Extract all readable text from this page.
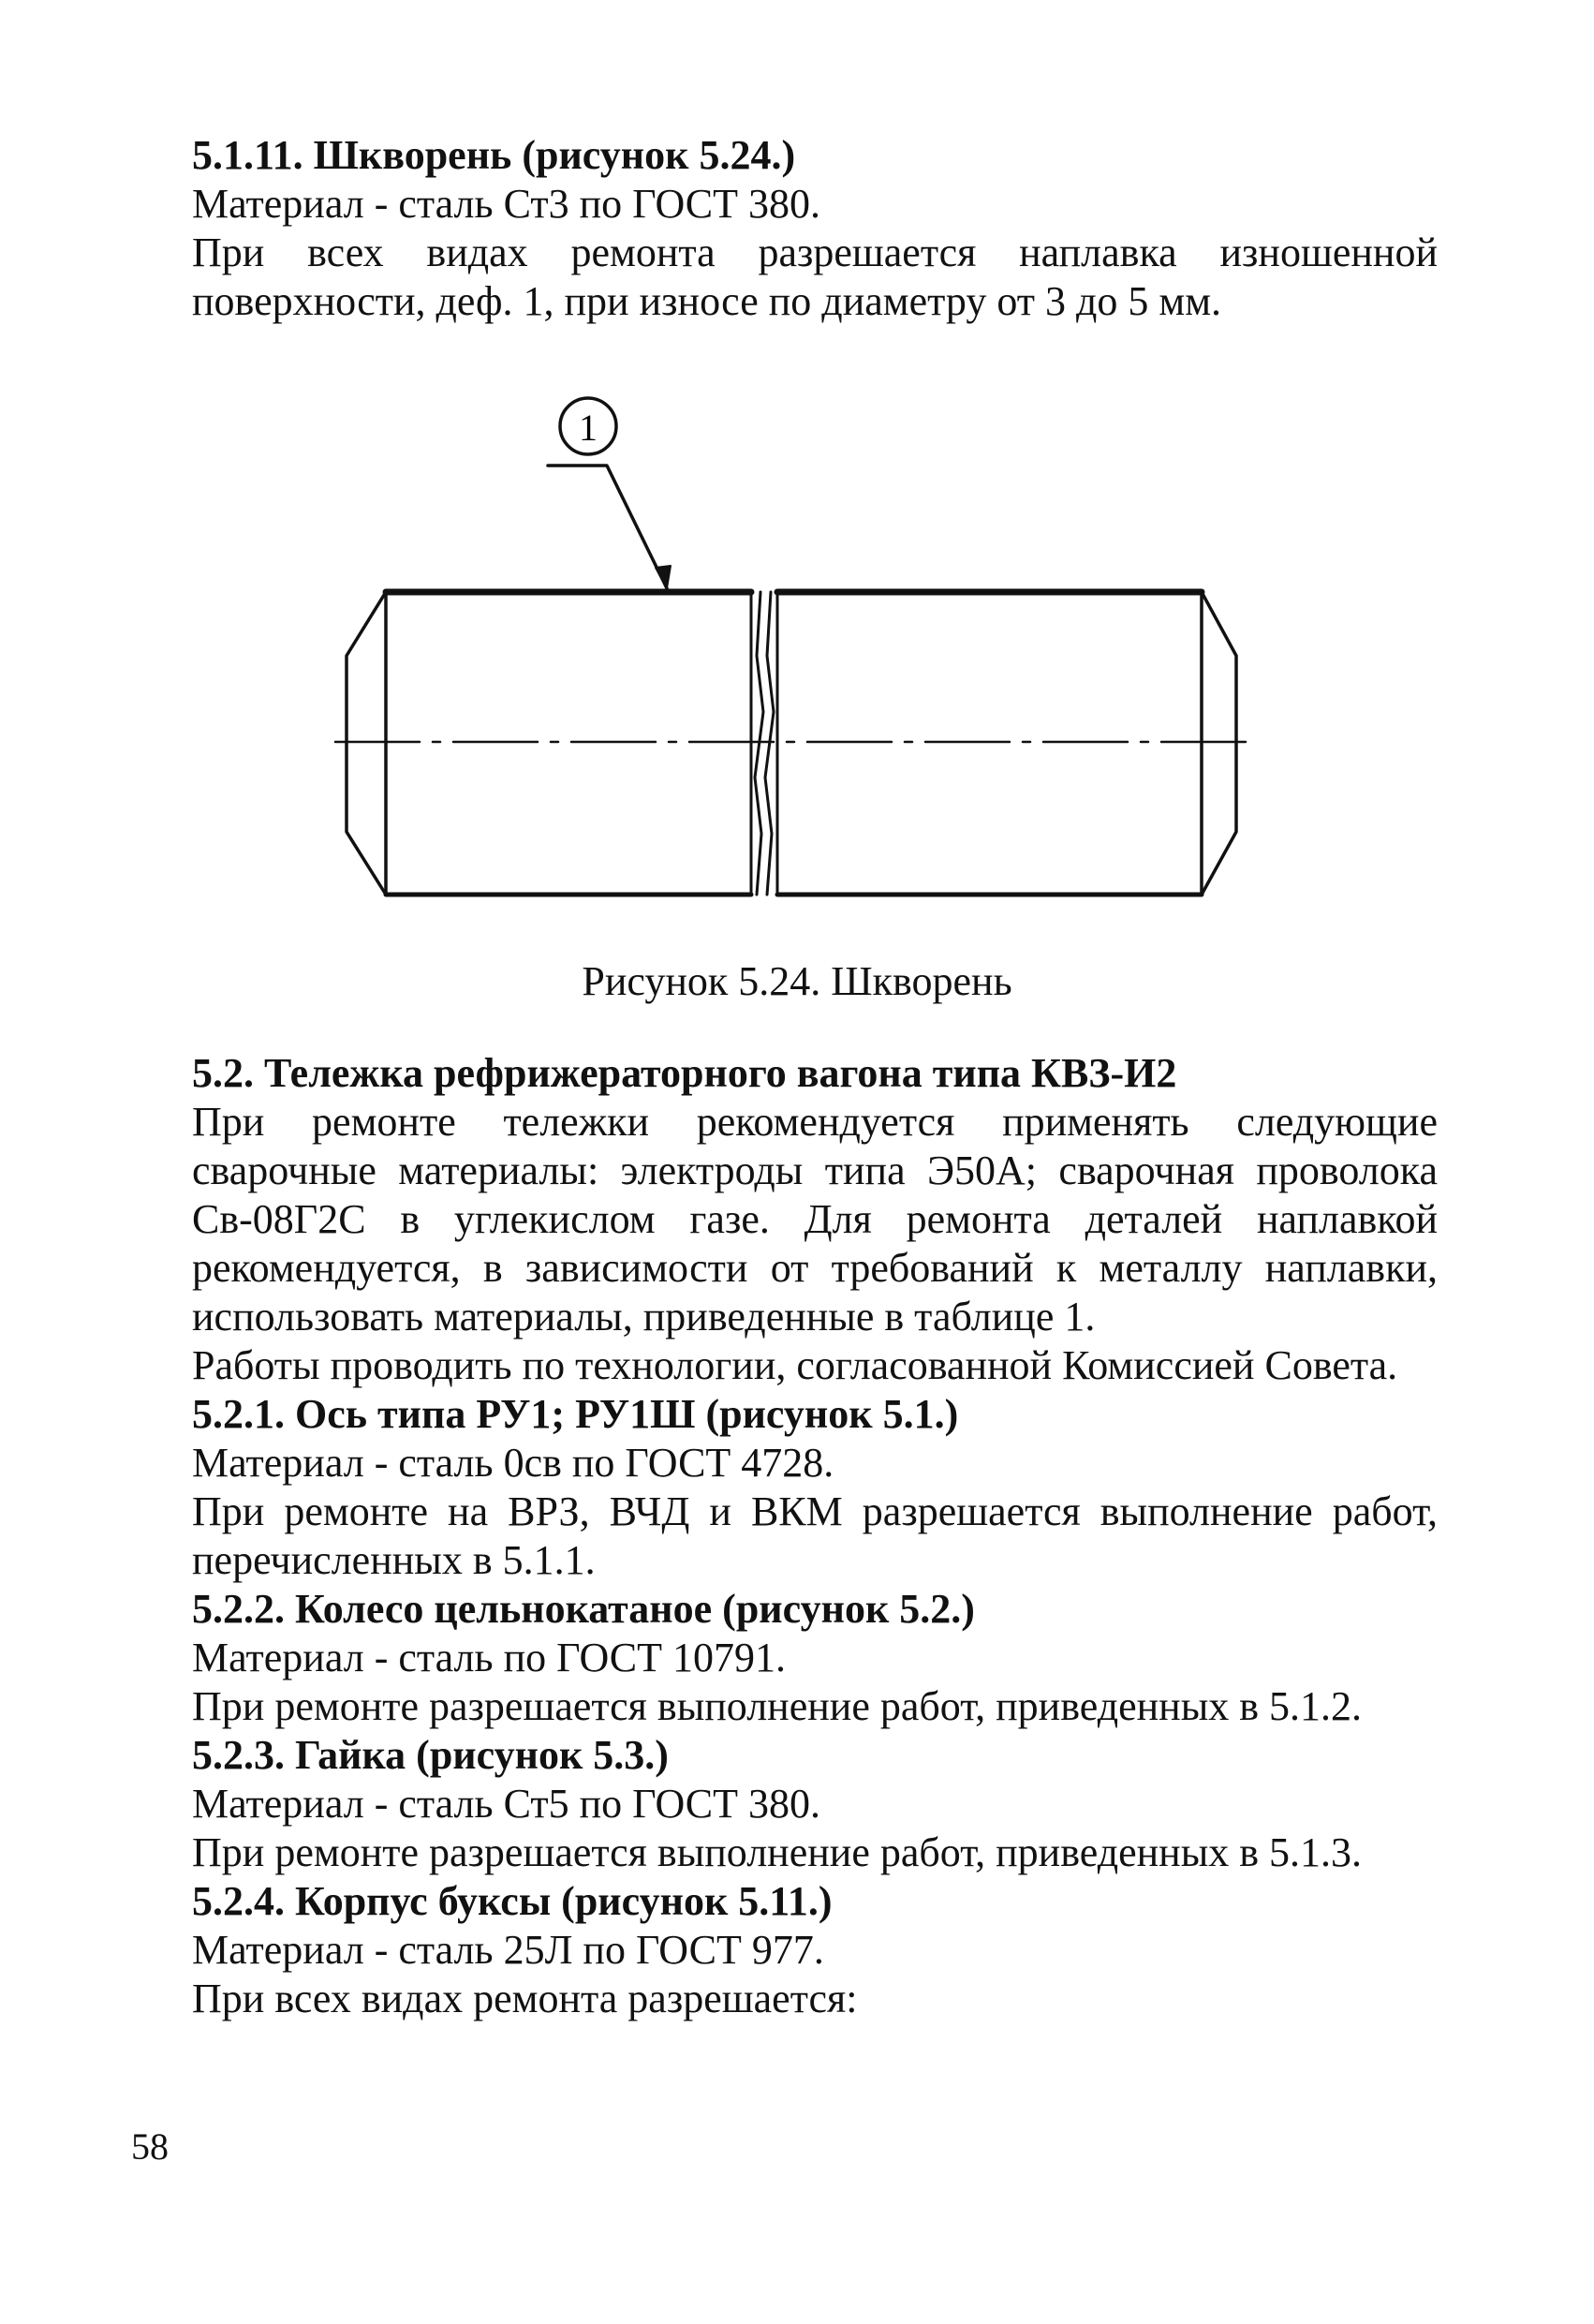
5.1.11. Шкворень (рисунок 5.24.)

Материал - сталь Ст3 по ГОСТ 380.

При всех видах ремонта разрешается наплавка изношенной поверхности, деф. 1, при износе по диаметру от 3 до 5 мм.

1
Рисунок 5.24. Шкворень

5.2. Тележка рефрижераторного вагона типа КВЗ-И2

При ремонте тележки рекомендуется применять следующие сварочные материалы: электроды типа Э50А; сварочная проволока Св-08Г2С в углекислом газе. Для ремонта деталей наплавкой рекомендуется, в зависимости от требований к металлу наплавки, использовать материалы, приведенные в таблице 1.

Работы проводить по технологии, согласованной Комиссией Совета.

5.2.1. Ось типа РУ1; РУ1Ш (рисунок 5.1.)

Материал - сталь 0св по ГОСТ 4728.

При ремонте на ВРЗ, ВЧД и ВКМ разрешается выполнение работ, перечисленных в 5.1.1.

5.2.2. Колесо цельнокатаное (рисунок 5.2.)

Материал - сталь по ГОСТ 10791.

При ремонте разрешается выполнение работ, приведенных в 5.1.2.

5.2.3. Гайка (рисунок 5.3.)

Материал - сталь Ст5 по ГОСТ 380.

При ремонте разрешается выполнение работ, приведенных в 5.1.3.

5.2.4. Корпус буксы (рисунок 5.11.)

Материал - сталь 25Л по ГОСТ 977.

При всех видах ремонта разрешается:

58
